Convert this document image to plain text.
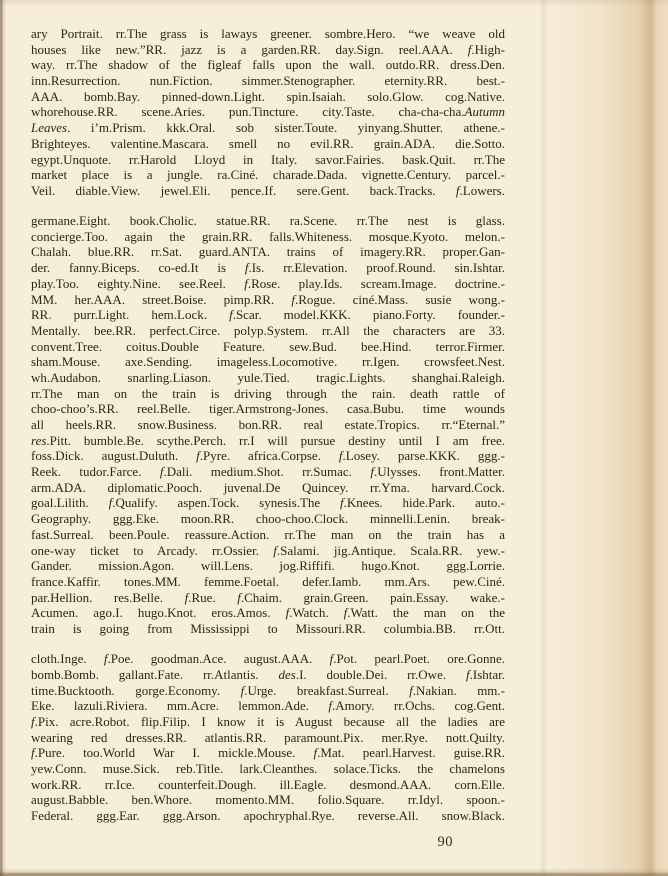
ary Portrait. rr.The grass is laways greener. sombre.Hero. “we weave old
houses like new.”RR. jazz is a garden.RR. day.Sign. reel.AAA. f.High-
way. rr.The shadow of the figleaf falls upon the wall. outdo.RR. dress.Den.
inn.Resurrection. nun.Fiction. simmer.Stenographer. eternity.RR. best.-
AAA. bomb.Bay. pinned-down.Light. spin.Isaiah. solo.Glow. cog.Native.
whorehouse.RR. scene.Aries. pun.Tincture. city.Taste. cha-cha-cha.Autumn
Leaves. i’m.Prism. kkk.Oral. sob sister.Toute. yinyang.Shutter. athene.-
Brighteyes. valentine.Mascara. smell no evil.RR. grain.ADA. die.Sotto.
egypt.Unquote. rr.Harold Lloyd in Italy. savor.Fairies. bask.Quit. rr.The
market place is a jungle. ra.Ciné. charade.Dada. vignette.Century. parcel.-
Veil. diable.View. jewel.Eli. pence.If. sere.Gent. back.Tracks. f.Lowers.
germane.Eight. book.Cholic. statue.RR. ra.Scene. rr.The nest is glass.
concierge.Too. again the grain.RR. falls.Whiteness. mosque.Kyoto. melon.-
Chalah. blue.RR. rr.Sat. guard.ANTA. trains of imagery.RR. proper.Gan-
der. fanny.Biceps. co-ed.It is f.Is. rr.Elevation. proof.Round. sin.Ishtar.
play.Too. eighty.Nine. see.Reel. f.Rose. play.Ids. scream.Image. doctrine.-
MM. her.AAA. street.Boise. pimp.RR. f.Rogue. ciné.Mass. susie wong.-
RR. purr.Light. hem.Lock. f.Scar. model.KKK. piano.Forty. founder.-
Mentally. bee.RR. perfect.Circe. polyp.System. rr.All the characters are 33.
convent.Tree. coitus.Double Feature. sew.Bud. bee.Hind. terror.Firmer.
sham.Mouse. axe.Sending. imageless.Locomotive. rr.Igen. crowsfeet.Nest.
wh.Audabon. snarling.Liason. yule.Tied. tragic.Lights. shanghai.Raleigh.
rr.The man on the train is driving through the rain. death rattle of
choo-choo’s.RR. reel.Belle. tiger.Armstrong-Jones. casa.Bubu. time wounds
all heels.RR. snow.Business. bon.RR. real estate.Tropics. rr.“Eternal.”
res.Pitt. bumble.Be. scythe.Perch. rr.I will pursue destiny until I am free.
foss.Dick. august.Duluth. f.Pyre. africa.Corpse. f.Losey. parse.KKK. ggg.-
Reek. tudor.Farce. f.Dali. medium.Shot. rr.Sumac. f.Ulysses. front.Matter.
arm.ADA. diplomatic.Pooch. juvenal.De Quincey. rr.Yma. harvard.Cock.
goal.Lilith. f.Qualify. aspen.Tock. synesis.The f.Knees. hide.Park. auto.-
Geography. ggg.Eke. moon.RR. choo-choo.Clock. minnelli.Lenin. break-
fast.Surreal. been.Poule. reassure.Action. rr.The man on the train has a
one-way ticket to Arcady. rr.Ossier. f.Salami. jig.Antique. Scala.RR. yew.-
Gander. mission.Agon. will.Lens. jog.Riffifi. hugo.Knot. ggg.Lorrie.
france.Kaffir. tones.MM. femme.Foetal. defer.Iamb. mm.Ars. pew.Ciné.
par.Hellion. res.Belle. f.Rue. f.Chaim. grain.Green. pain.Essay. wake.-
Acumen. ago.I. hugo.Knot. eros.Amos. f.Watch. f.Watt. the man on the
train is going from Mississippi to Missouri.RR. columbia.BB. rr.Ott.
cloth.Inge. f.Poe. goodman.Ace. august.AAA. f.Pot. pearl.Poet. ore.Gonne.
bomb.Bomb. gallant.Fate. rr.Atlantis. des.I. double.Dei. rr.Owe. f.Ishtar.
time.Bucktooth. gorge.Economy. f.Urge. breakfast.Surreal. f.Nakian. mm.-
Eke. lazuli.Riviera. mm.Acre. lemmon.Ade. f.Amory. rr.Ochs. cog.Gent.
f.Pix. acre.Robot. flip.Filip. I know it is August because all the ladies are
wearing red dresses.RR. atlantis.RR. paramount.Pix. mer.Rye. nott.Quilty.
f.Pure. too.World War I. mickle.Mouse. f.Mat. pearl.Harvest. guise.RR.
yew.Conn. muse.Sick. reb.Title. lark.Cleanthes. solace.Ticks. the chamelons
work.RR. rr.Ice. counterfeit.Dough. ill.Eagle. desmond.AAA. corn.Elle.
august.Babble. ben.Whore. momento.MM. folio.Square. rr.Idyl. spoon.-
Federal. ggg.Ear. ggg.Arson. apochryphal.Rye. reverse.All. snow.Black.
90
